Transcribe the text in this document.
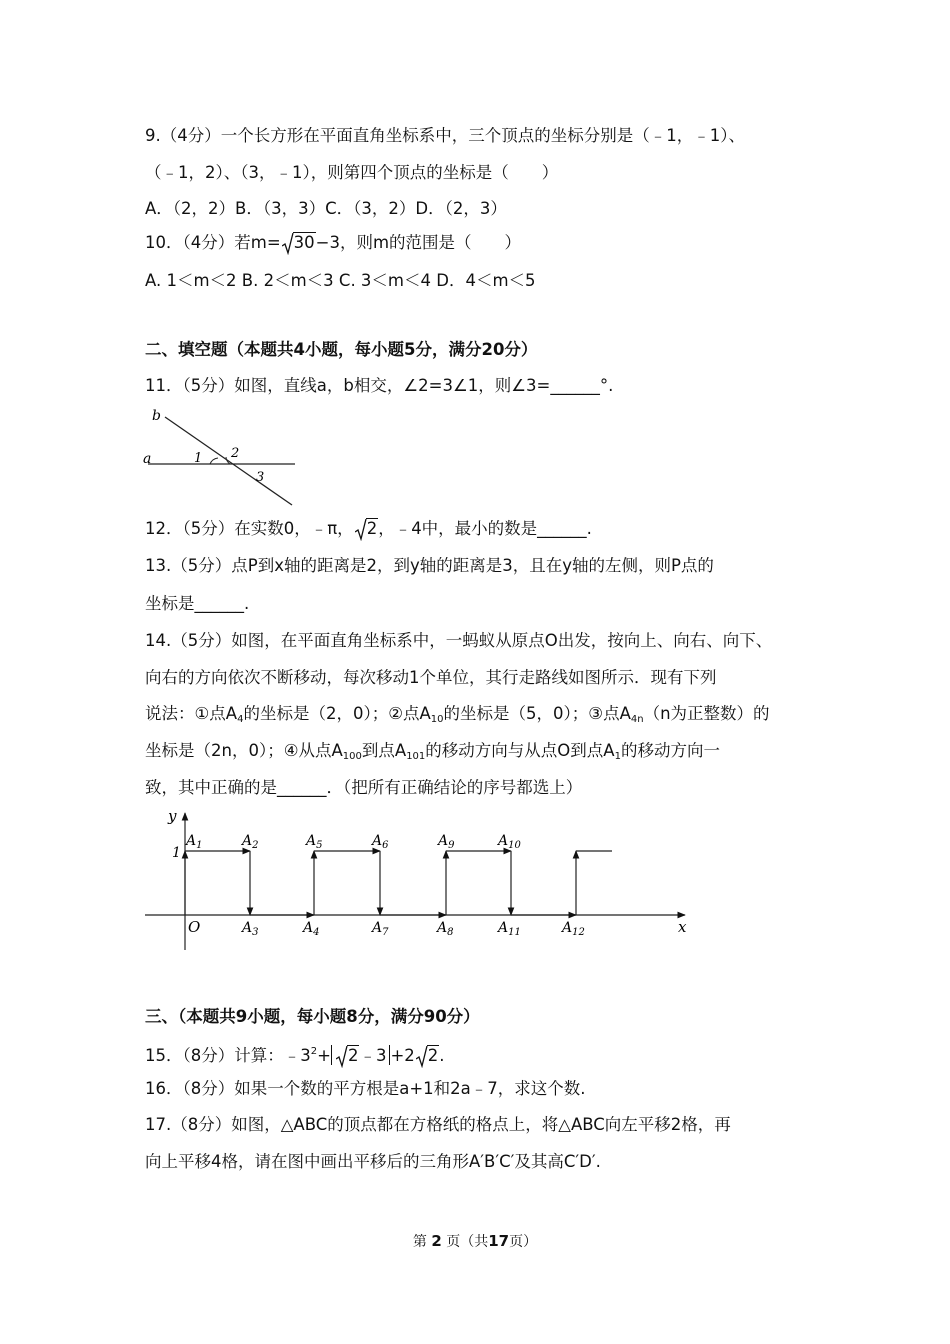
9.（4分）一个长方形在平面直角坐标系中，三个顶点的坐标分别是（﹣1，﹣1）、
（﹣1，2）、（3，﹣1），则第四个顶点的坐标是（　　）
A．（2，2）B．（3，3）C．（3，2）D．（2，3）
10．（4分）若m= 30−3，则m的范围是（　　）
A. 1＜m＜2 B. 2＜m＜3 C. 3＜m＜4 D．4＜m＜5
二、填空题（本题共4小题，每小题5分，满分20分）
11．（5分）如图，直线a，b相交，∠2=3∠1，则∠3=______°.
b
a	1 2
3
12．（5分）在实数0，﹣π， 2，﹣4中，最小的数是______.
13.（5分）点P到x轴的距离是2，到y轴的距离是3，且在y轴的左侧，则P点的
坐标是______.
14.（5分）如图，在平面直角坐标系中，一蚂蚁从原点O出发，按向上、向右、向下、
向右的方向依次不断移动，每次移动1个单位，其行走路线如图所示．现有下列
说法：①点$A_4$的坐标是（2，0）；②点$A_{10}$的坐标是（5，0）；③点$A_{4n}(n$为正整数）的
坐标是（2n，0）；④从点$A_{100}$到点$A_{101}$的移动方向与从点O到点$A_1$的移动方向一
致，其中正确的是______．（把所有正确结论的序号都选上）
y
x
1
O
$A_1$	$A_2$	$A_5$	$A_6$	$A_9$	$A_{10}$
$A_3$	$A_4$	$A_7$	$A_8$	$A_{11}$	$A_{12}$
三、（本题共9小题，每小题8分，满分90分）
15．（8分）计算：$﹣3^2+$ 2﹣3 +2 2.
16．（8分）如果一个数的平方根是a+1和2a﹣7，求这个数.
17.（8分）如图，△ABC的顶点都在方格纸的格点上，将△ABC向左平移2格，再
向上平移4格，请在图中画出平移后的三角形A′B′C′及其高C′D′.
第 2 页（共17页）
